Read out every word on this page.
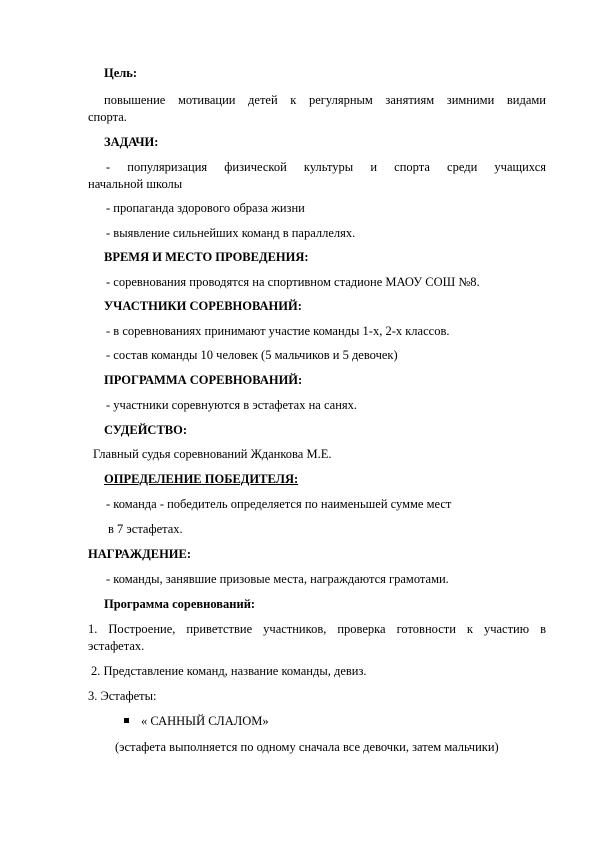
Цель:
повышение мотивации детей к регулярным занятиям зимними видами
спорта.
ЗАДАЧИ:
- популяризация физической культуры и спорта среди учащихся
начальной школы
- пропаганда здорового образа жизни
- выявление сильнейших команд в параллелях.
ВРЕМЯ И МЕСТО ПРОВЕДЕНИЯ:
- соревнования проводятся на спортивном стадионе МАОУ СОШ №8.
УЧАСТНИКИ СОРЕВНОВАНИЙ:
- в соревнованиях принимают участие команды 1-х, 2-х классов.
- состав команды 10 человек (5 мальчиков и 5 девочек)
ПРОГРАММА СОРЕВНОВАНИЙ:
- участники соревнуются в эстафетах на санях.
СУДЕЙСТВО:
Главный судья соревнований Жданкова М.Е.
ОПРЕДЕЛЕНИЕ ПОБЕДИТЕЛЯ:
- команда - победитель определяется по наименьшей сумме мест
в 7 эстафетах.
НАГРАЖДЕНИЕ:
- команды, занявшие призовые места, награждаются грамотами.
Программа соревнований:
1. Построение, приветствие участников, проверка готовности к участию в
эстафетах.
2. Представление команд, название команды, девиз.
3. Эстафеты:
« САННЫЙ СЛАЛОМ»
(эстафета выполняется по одному сначала все девочки, затем мальчики)
